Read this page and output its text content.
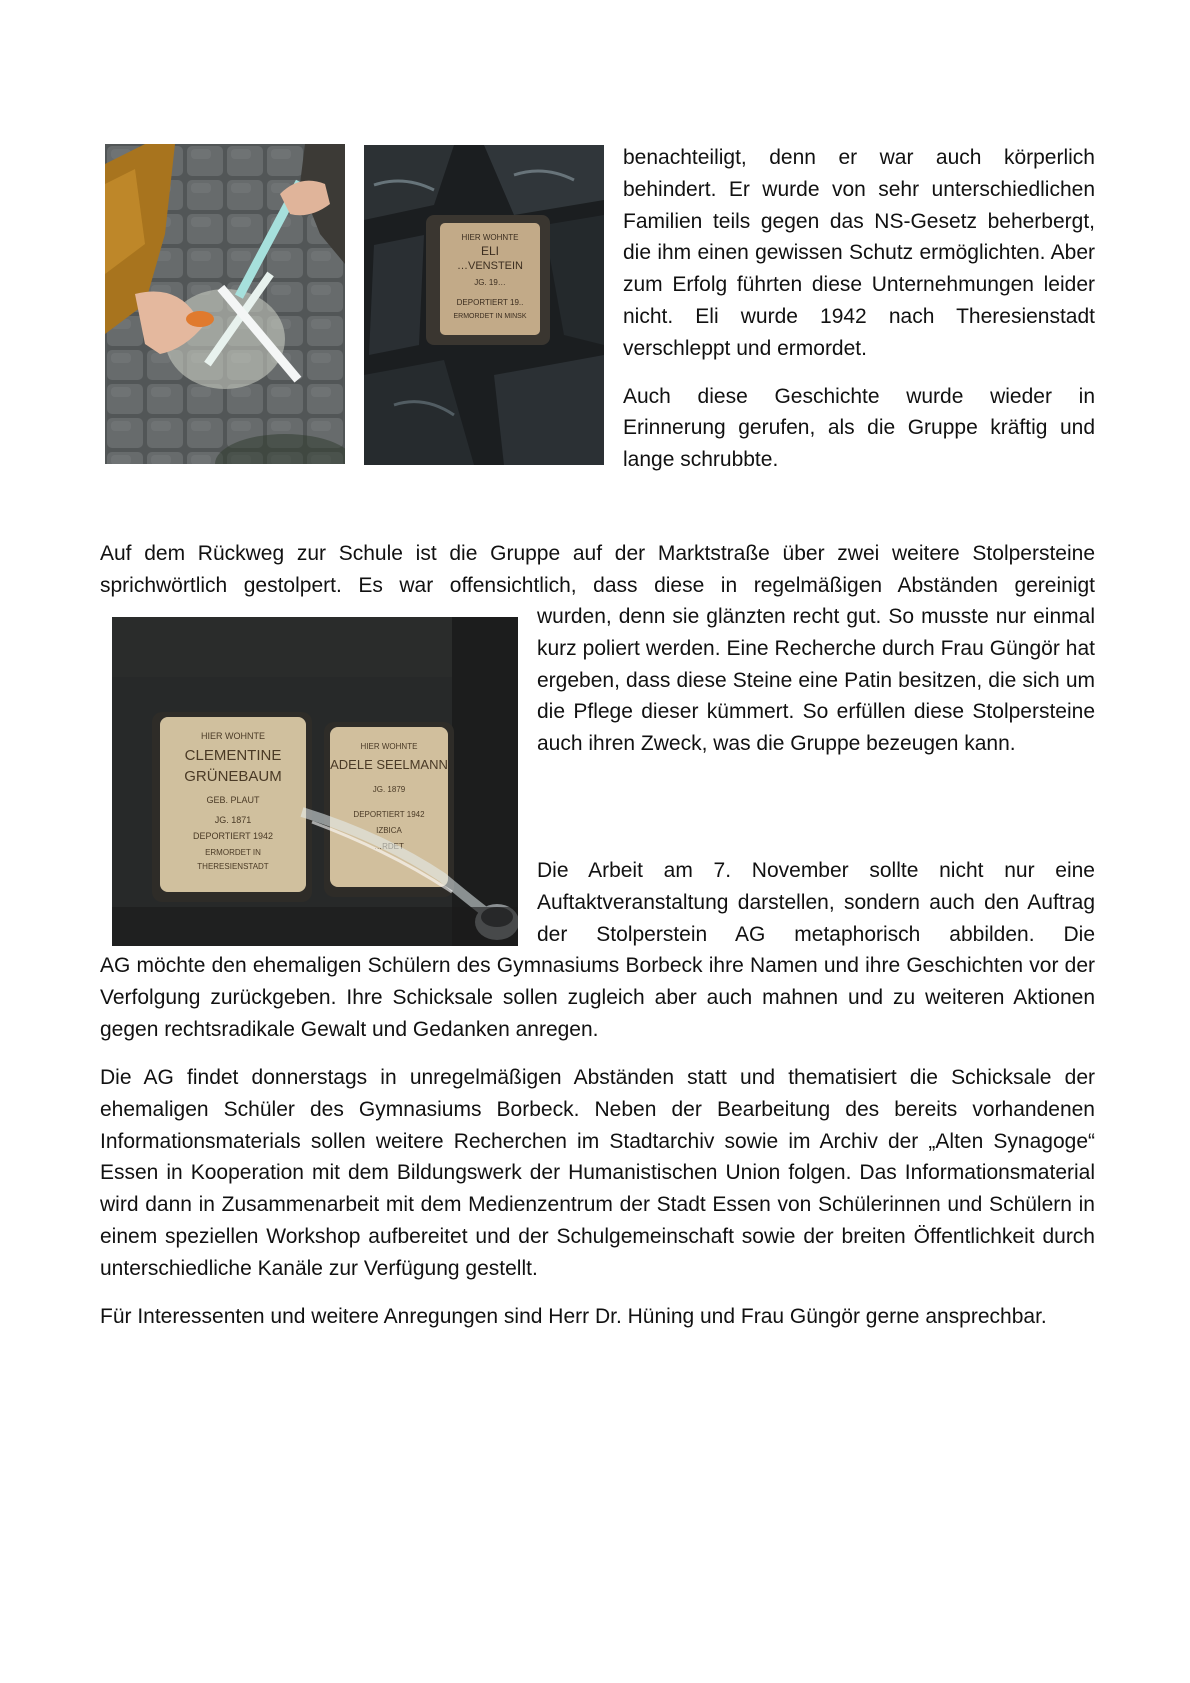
HIER WOHNTE
ELI
…VENSTEIN
JG. 19…
DEPORTIERT 19..
ERMORDET IN MINSK

benachteiligt, denn er war auch körperlich behindert. Er wurde von sehr unterschiedlichen Familien teils gegen das NS-Gesetz beherbergt, die ihm einen gewissen Schutz ermöglichten. Aber zum Erfolg führten diese Unternehmungen leider nicht. Eli wurde 1942 nach Theresienstadt verschleppt und ermordet.

Auch diese Geschichte wurde wieder in Erinnerung gerufen, als die Gruppe kräftig und lange schrubbte.

Auf dem Rückweg zur Schule ist die Gruppe auf der Marktstraße über zwei weitere Stolpersteine sprichwörtlich gestolpert. Es war offensichtlich, dass diese in regelmäßigen Abständen gereinigt

HIER WOHNTE
CLEMENTINE
GRÜNEBAUM
GEB. PLAUT
JG. 1871
DEPORTIERT 1942
ERMORDET IN
THERESIENSTADT
HIER WOHNTE
ADELE SEELMANN
JG. 1879
DEPORTIERT 1942
IZBICA
…RDET

wurden, denn sie glänzten recht gut. So musste nur einmal kurz poliert werden. Eine Recherche durch Frau Güngör hat ergeben, dass diese Steine eine Patin besitzen, die sich um die Pflege dieser kümmert. So erfüllen diese Stolpersteine auch ihren Zweck, was die Gruppe bezeugen kann.

Die Arbeit am 7. November sollte nicht nur eine Auftaktveranstaltung darstellen, sondern auch den Auftrag der Stolperstein AG metaphorisch abbilden. Die

AG möchte den ehemaligen Schülern des Gymnasiums Borbeck ihre Namen und ihre Geschichten vor der Verfolgung zurückgeben. Ihre Schicksale sollen zugleich aber auch mahnen und zu weiteren Aktionen gegen rechtsradikale Gewalt und Gedanken anregen.

Die AG findet donnerstags in unregelmäßigen Abständen statt und thematisiert die Schicksale der ehemaligen Schüler des Gymnasiums Borbeck. Neben der Bearbeitung des bereits vorhandenen Informationsmaterials sollen weitere Recherchen im Stadtarchiv sowie im Archiv der „Alten Synagoge“ Essen in Kooperation mit dem Bildungswerk der Humanistischen Union folgen. Das Informationsmaterial wird dann in Zusammenarbeit mit dem Medienzentrum der Stadt Essen von Schülerinnen und Schülern in einem speziellen Workshop aufbereitet und der Schulgemeinschaft sowie der breiten Öffentlichkeit durch unterschiedliche Kanäle zur Verfügung gestellt.

Für Interessenten und weitere Anregungen sind Herr Dr. Hüning und Frau Güngör gerne ansprechbar.
